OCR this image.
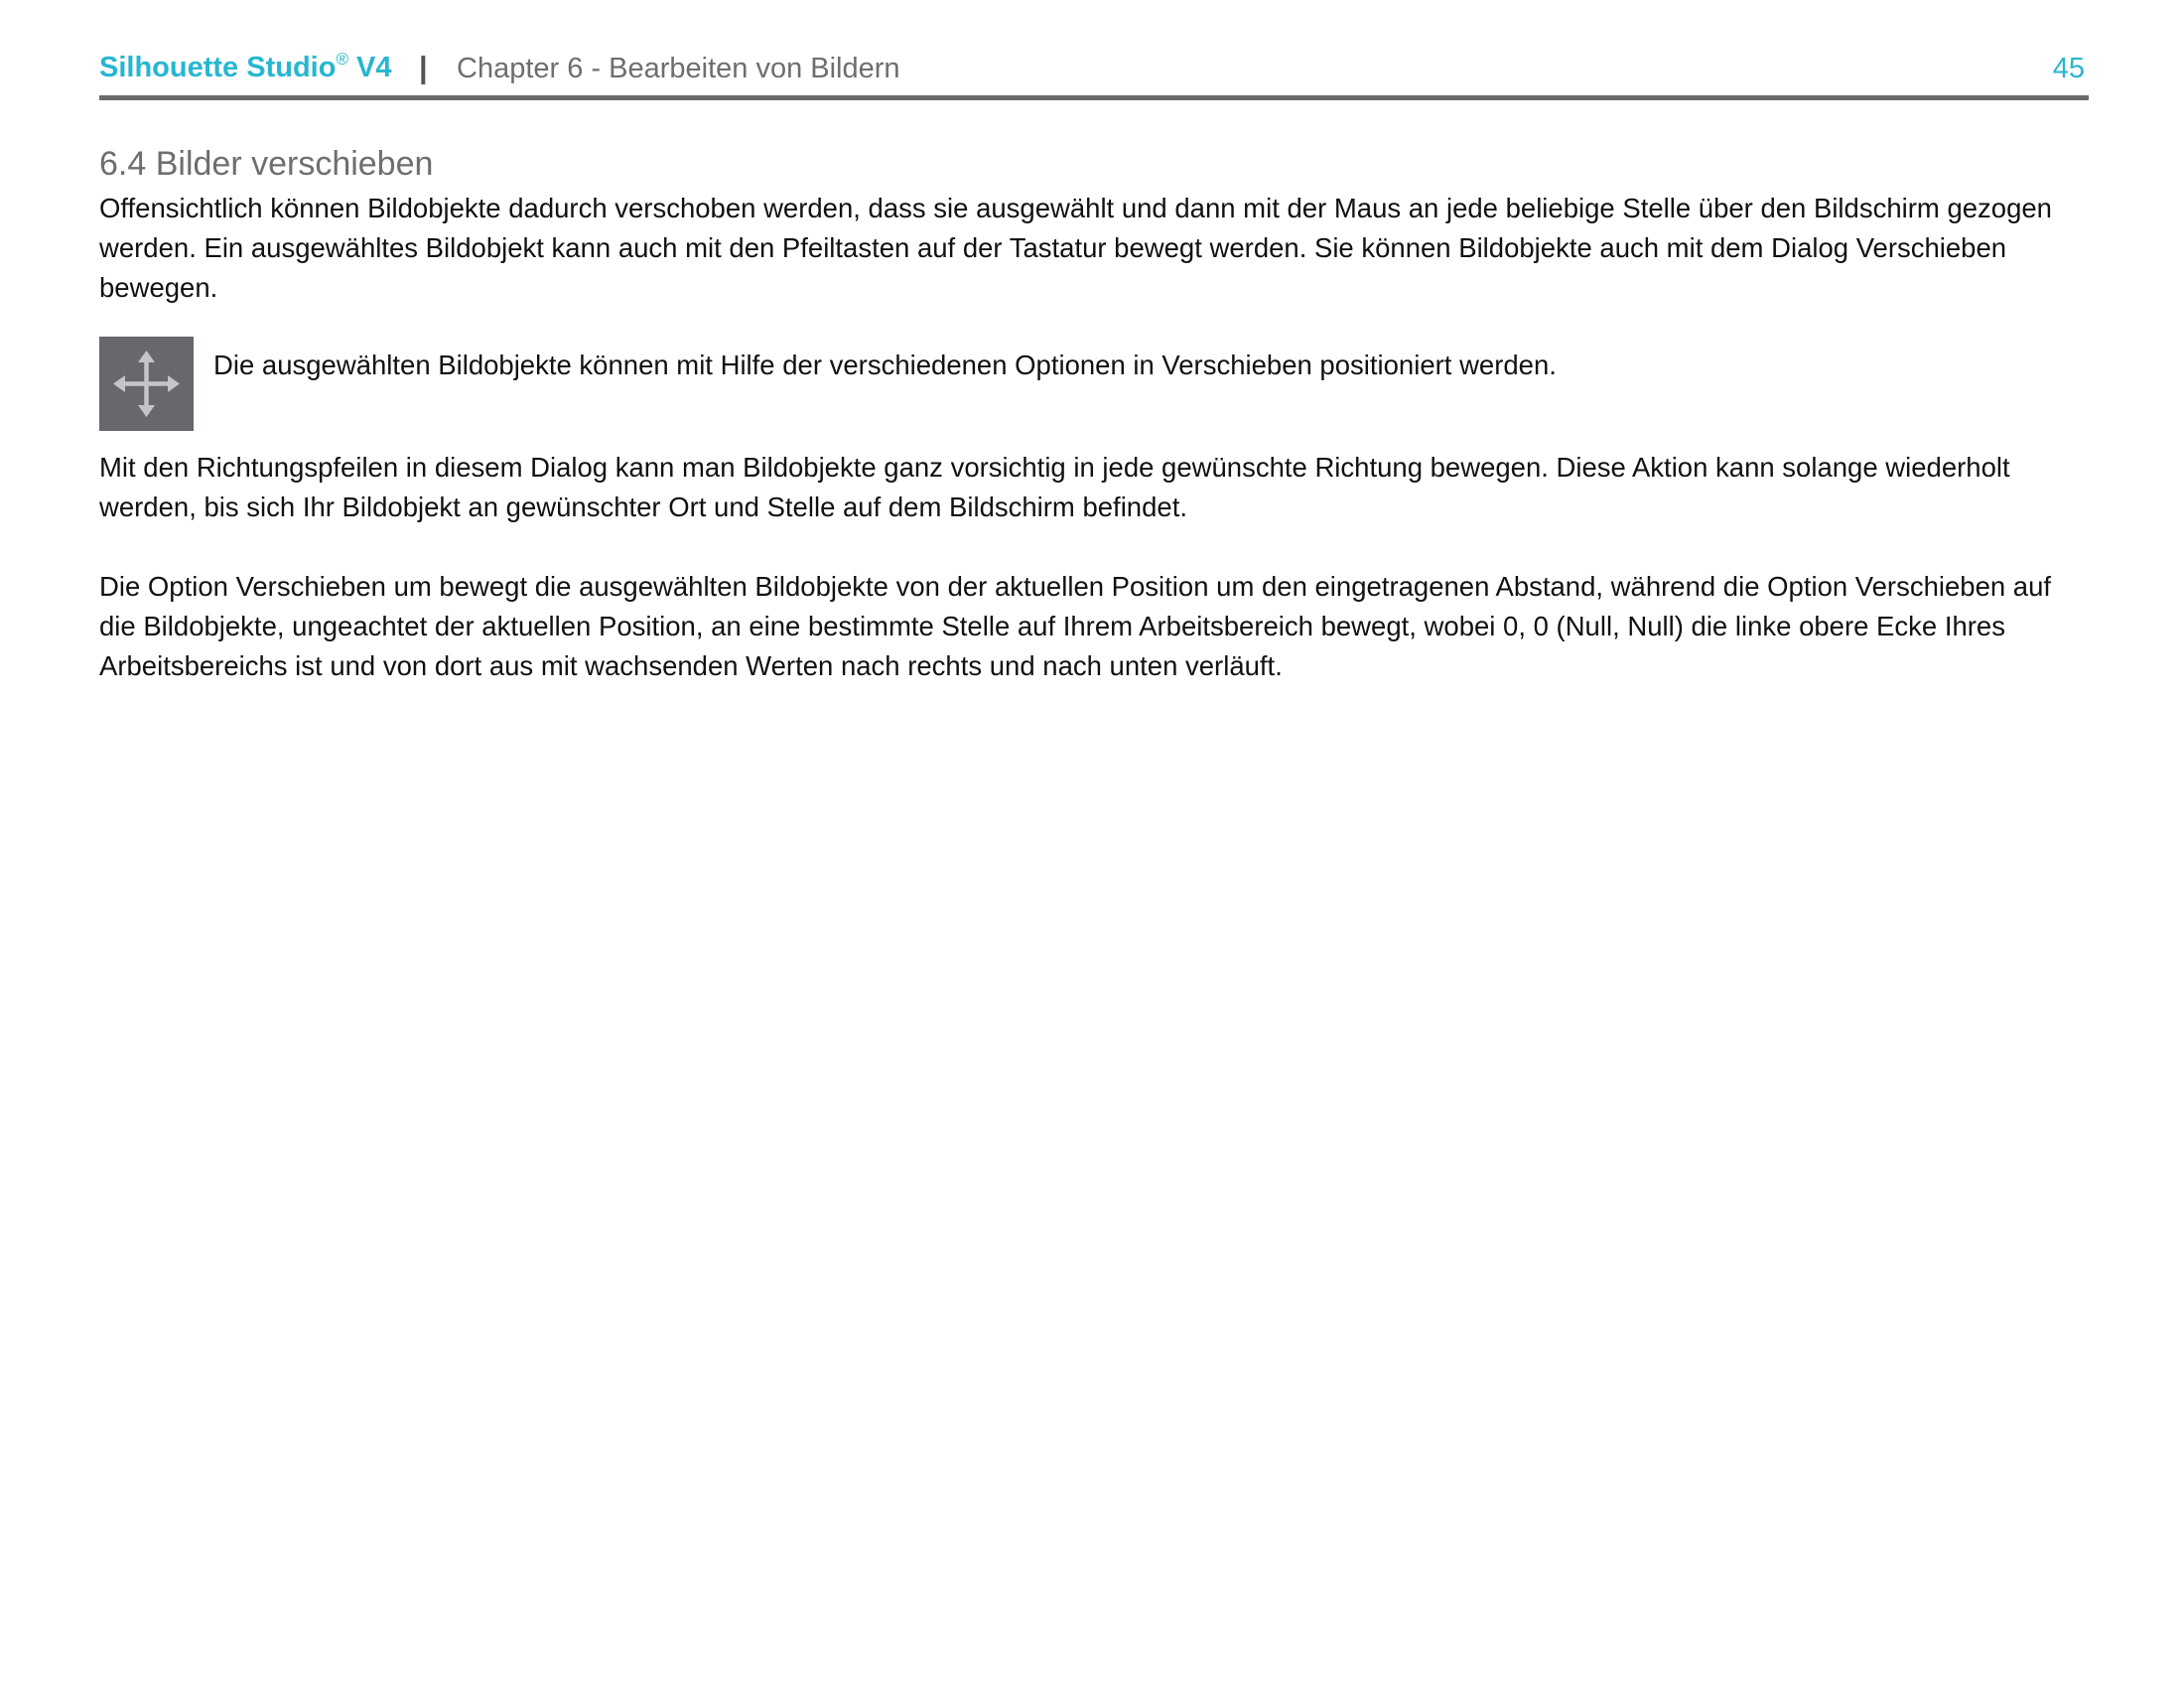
Silhouette Studio® V4 | Chapter 6 - Bearbeiten von Bildern	45
6.4 Bilder verschieben
Offensichtlich können Bildobjekte dadurch verschoben werden, dass sie ausgewählt und dann mit der Maus an jede beliebige Stelle über den Bildschirm gezogen werden. Ein ausgewähltes Bildobjekt kann auch mit den Pfeiltasten auf der Tastatur bewegt werden. Sie können Bildobjekte auch mit dem Dialog Verschieben bewegen.
Die ausgewählten Bildobjekte können mit Hilfe der verschiedenen Optionen in Verschieben positioniert werden.
Mit den Richtungspfeilen in diesem Dialog kann man Bildobjekte ganz vorsichtig in jede gewünschte Richtung bewegen. Diese Aktion kann solange wiederholt werden, bis sich Ihr Bildobjekt an gewünschter Ort und Stelle auf dem Bildschirm befindet.
Die Option Verschieben um bewegt die ausgewählten Bildobjekte von der aktuellen Position um den eingetragenen Abstand, während die Option Verschieben auf die Bildobjekte, ungeachtet der aktuellen Position, an eine bestimmte Stelle auf Ihrem Arbeitsbereich bewegt, wobei 0, 0 (Null, Null) die linke obere Ecke Ihres Arbeitsbereichs ist und von dort aus mit wachsenden Werten nach rechts und nach unten verläuft.
